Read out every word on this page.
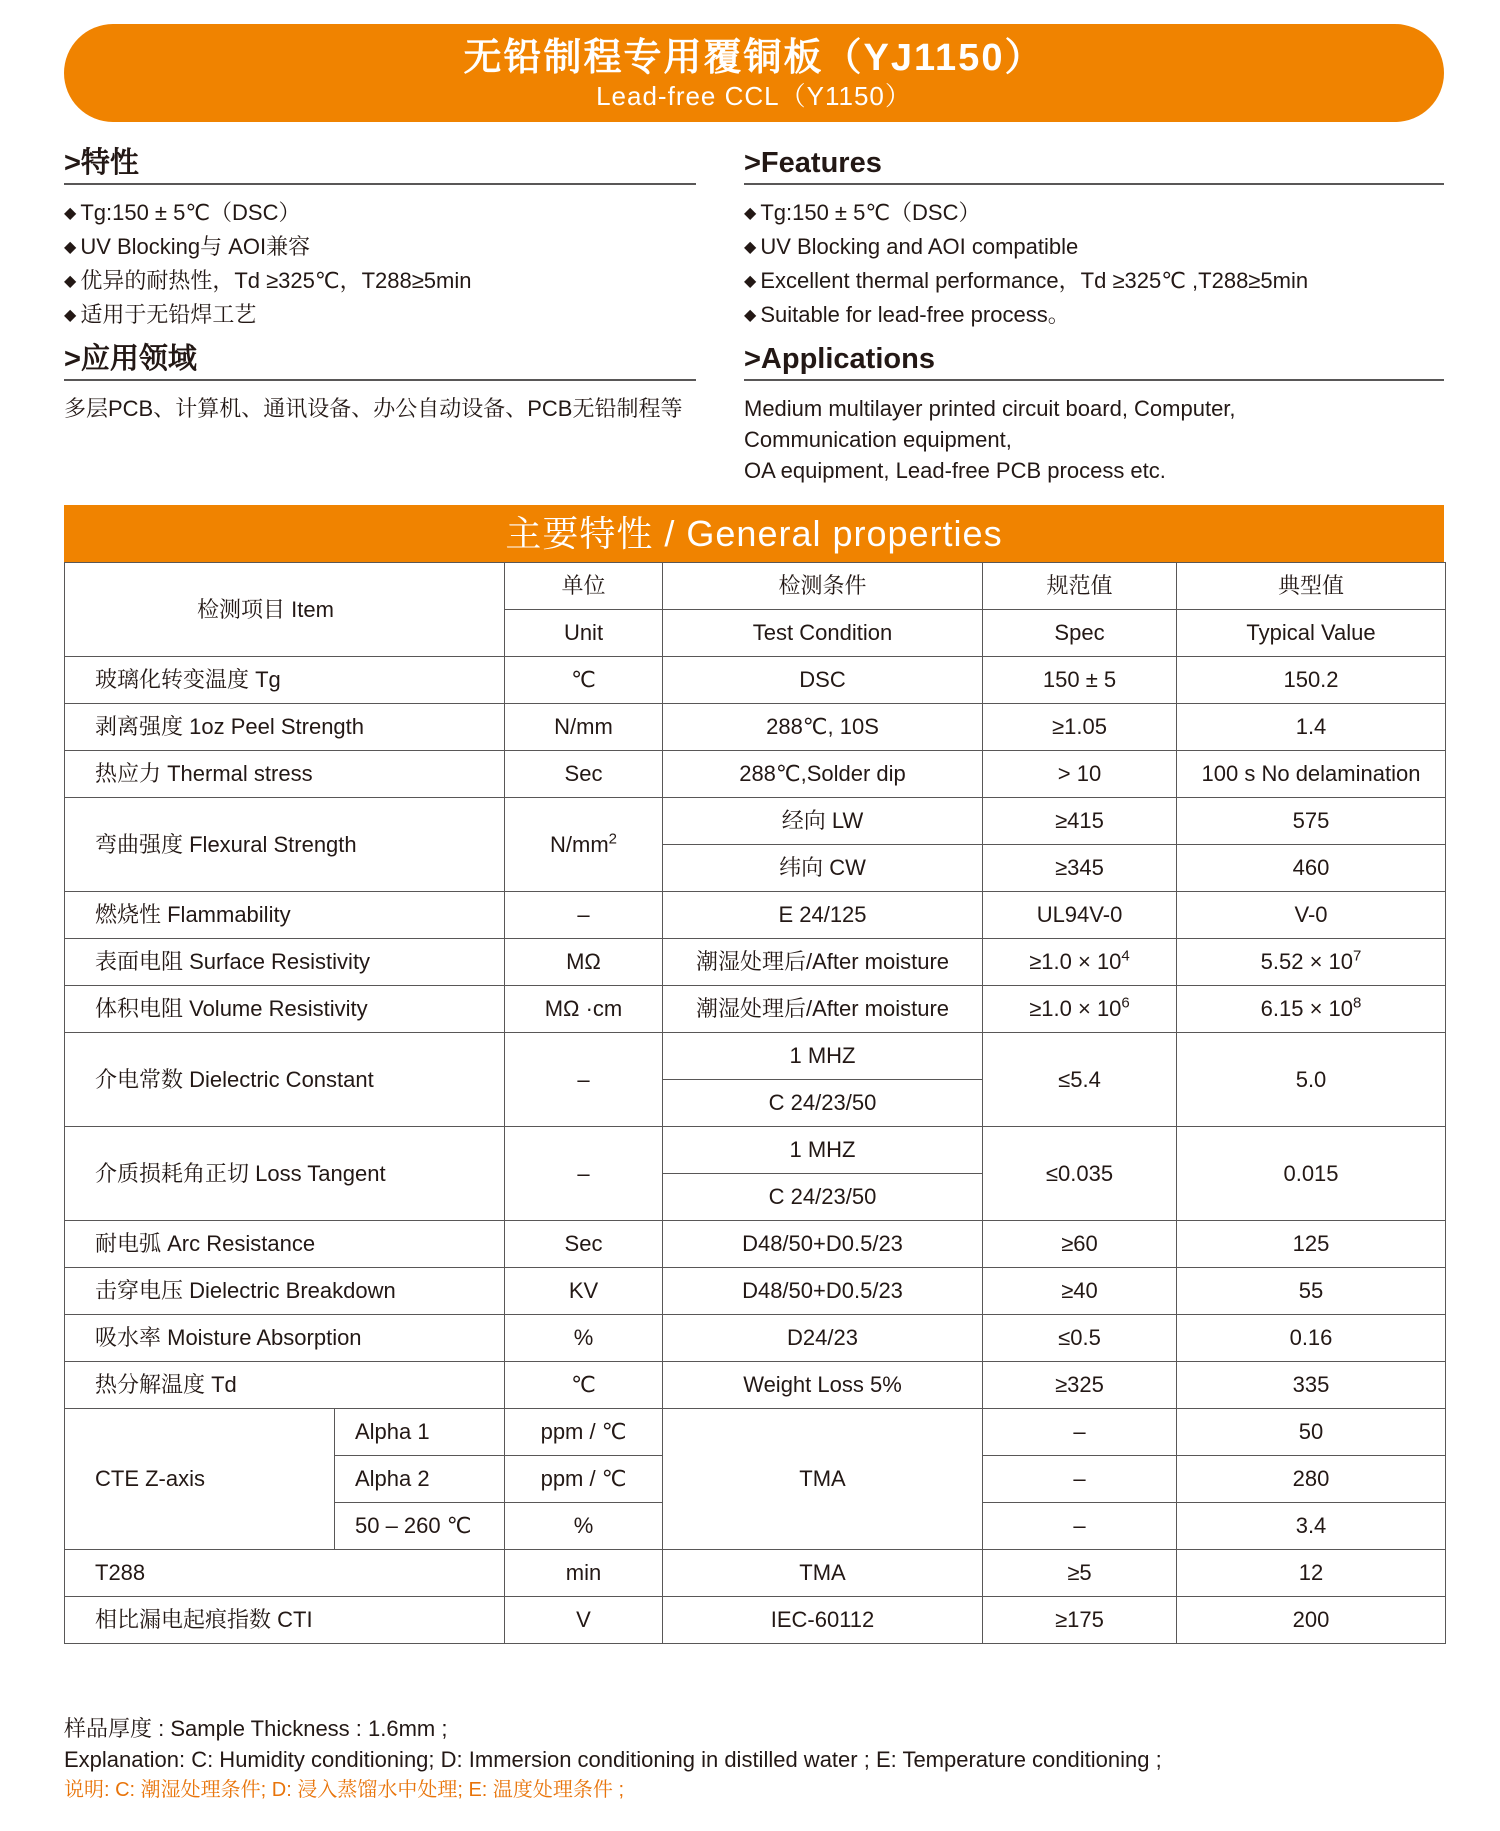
无铅制程专用覆铜板（YJ1150）
Lead-free CCL（Y1150）
>特性
◆ Tg:150 ± 5℃（DSC）
◆ UV Blocking与 AOI兼容
◆ 优异的耐热性，Td ≥325℃，T288≥5min
◆ 适用于无铅焊工艺
>应用领域
多层PCB、计算机、通讯设备、办公自动设备、PCB无铅制程等
>Features
◆ Tg:150 ± 5℃（DSC）
◆ UV Blocking and AOI compatible
◆ Excellent thermal performance，Td ≥325℃ ,T288≥5min
◆ Suitable for lead-free process。
>Applications
Medium multilayer printed circuit board, Computer,
Communication equipment,
OA equipment, Lead-free PCB process etc.
主要特性 / General properties
检测项目 Item		单位	检测条件	规范值	典型值
		Unit	Test Condition	Spec	Typical Value
玻璃化转变温度 Tg		℃	DSC	150 ± 5	150.2
剥离强度 1oz Peel Strength		N/mm	288℃, 10S	≥1.05	1.4
热应力 Thermal stress		Sec	288℃,Solder dip	> 10	100 s No delamination
弯曲强度 Flexural Strength		$N/mm^2$	经向 LW	≥415	575
			纬向 CW	≥345	460
燃烧性 Flammability		–	E 24/125	UL94V-0	V-0
表面电阻 Surface Resistivity		MΩ	潮湿处理后/After moisture	$\ge 1.0 \times 10^4$	$5.52 \times 10^7$
体积电阻 Volume Resistivity		MΩ ·cm	潮湿处理后/After moisture	$\ge 1.0 \times 10^6$	$6.15 \times 10^8$
介电常数 Dielectric Constant		–	1 MHZ	≤5.4	5.0
			C 24/23/50		
介质损耗角正切 Loss Tangent		–	1 MHZ	≤0.035	0.015
			C 24/23/50		
耐电弧 Arc Resistance		Sec	D48/50+D0.5/23	≥60	125
击穿电压 Dielectric Breakdown		KV	D48/50+D0.5/23	≥40	55
吸水率 Moisture Absorption		%	D24/23	≤0.5	0.16
热分解温度 Td		℃	Weight Loss 5%	≥325	335
CTE Z-axis	Alpha 1	ppm / ℃	TMA	–	50
	Alpha 2	ppm / ℃		–	280
	50 – 260 ℃	%		–	3.4
T288		min	TMA	≥5	12
相比漏电起痕指数 CTI		V	IEC-60112	≥175	200
样品厚度 : Sample Thickness : 1.6mm ;
Explanation: C: Humidity conditioning; D: Immersion conditioning in distilled water ; E: Temperature conditioning ;
说明: C: 潮湿处理条件; D: 浸入蒸馏水中处理; E: 温度处理条件 ;
